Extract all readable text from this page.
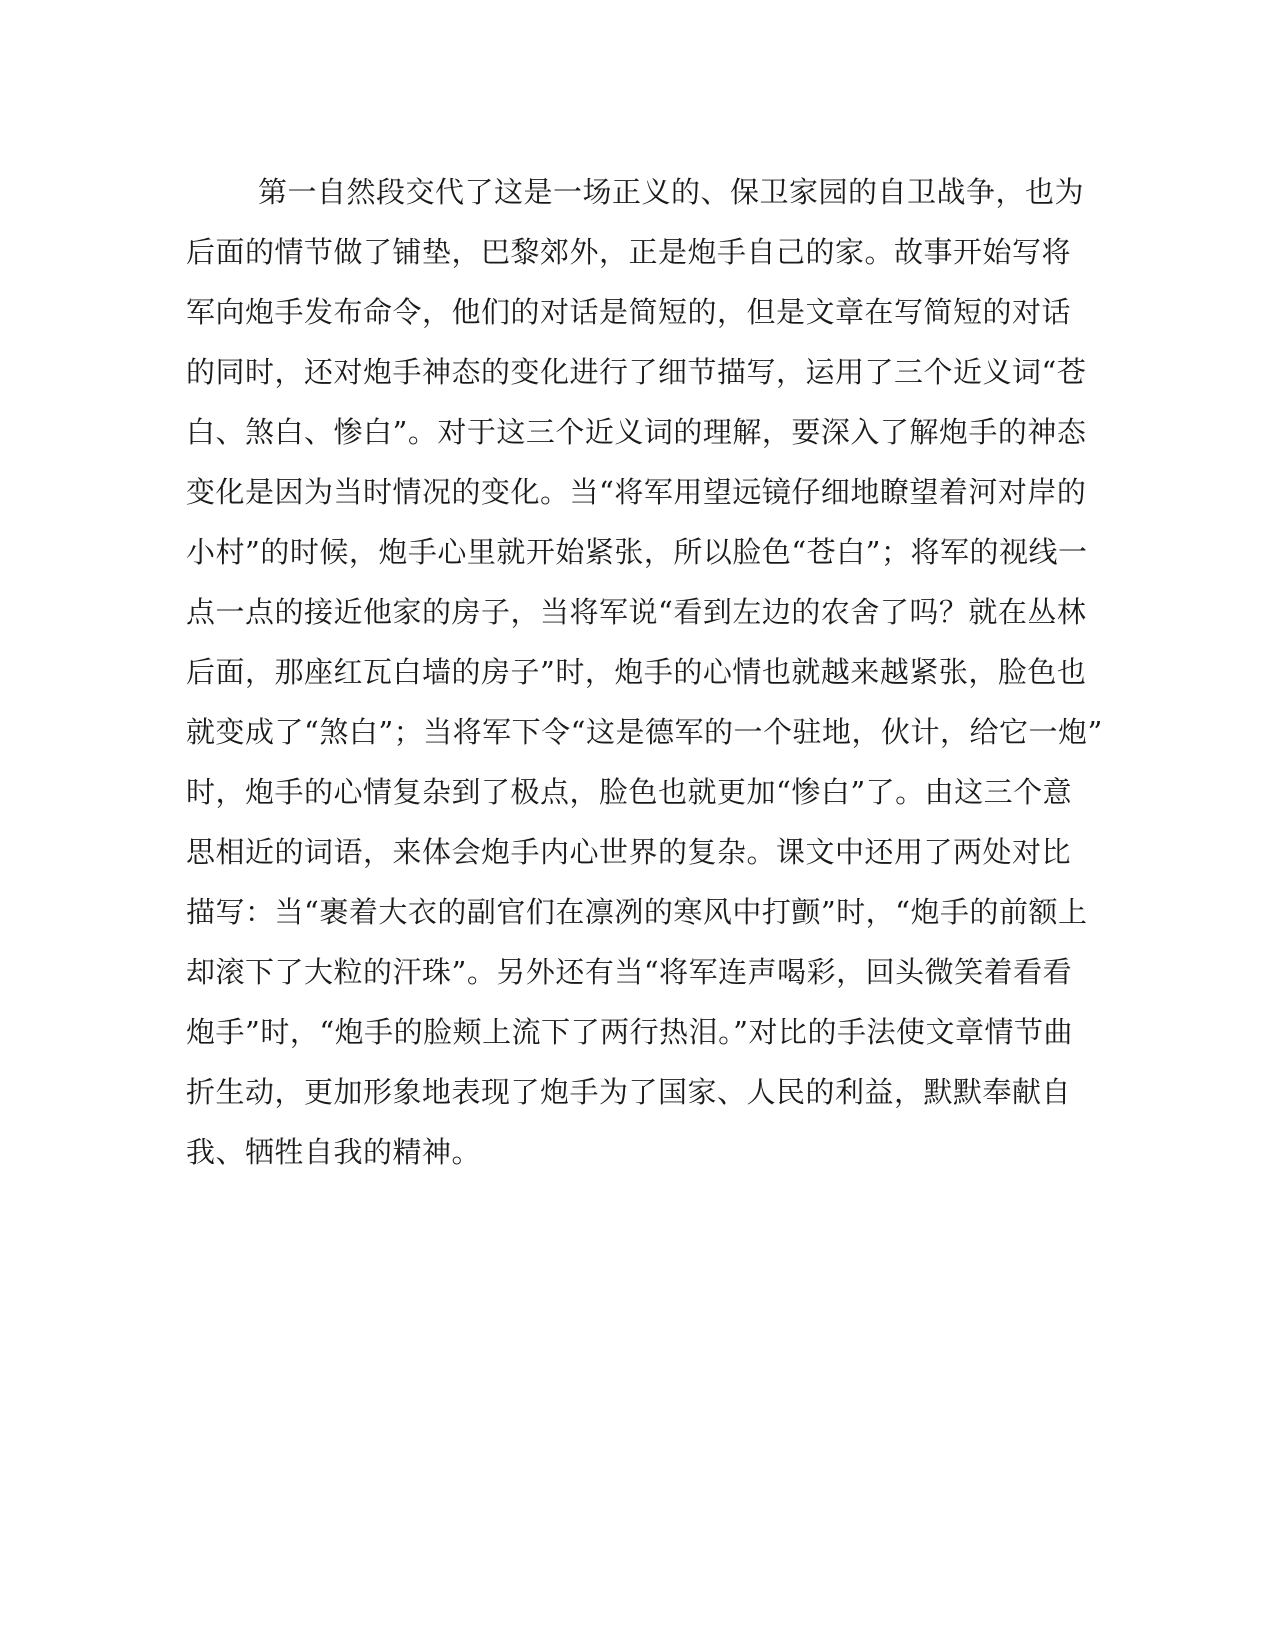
第一自然段交代了这是一场正义的、保卫家园的自卫战争，也为
后面的情节做了铺垫，巴黎郊外，正是炮手自己的家。故事开始写将
军向炮手发布命令，他们的对话是简短的，但是文章在写简短的对话
的同时，还对炮手神态的变化进行了细节描写，运用了三个近义词“苍
白、煞白、惨白”。对于这三个近义词的理解，要深入了解炮手的神态
变化是因为当时情况的变化。当“将军用望远镜仔细地瞭望着河对岸的
小村”的时候，炮手心里就开始紧张，所以脸色“苍白”；将军的视线一
点一点的接近他家的房子，当将军说“看到左边的农舍了吗？就在丛林
后面，那座红瓦白墙的房子”时，炮手的心情也就越来越紧张，脸色也
就变成了“煞白”；当将军下令“这是德军的一个驻地，伙计，给它一炮”
时，炮手的心情复杂到了极点，脸色也就更加“惨白”了。由这三个意
思相近的词语，来体会炮手内心世界的复杂。课文中还用了两处对比
描写：当“裹着大衣的副官们在凛冽的寒风中打颤”时，“炮手的前额上
却滚下了大粒的汗珠”。另外还有当“将军连声喝彩，回头微笑着看看
炮手”时，“炮手的脸颊上流下了两行热泪。”对比的手法使文章情节曲
折生动，更加形象地表现了炮手为了国家、人民的利益，默默奉献自
我、牺牲自我的精神。
